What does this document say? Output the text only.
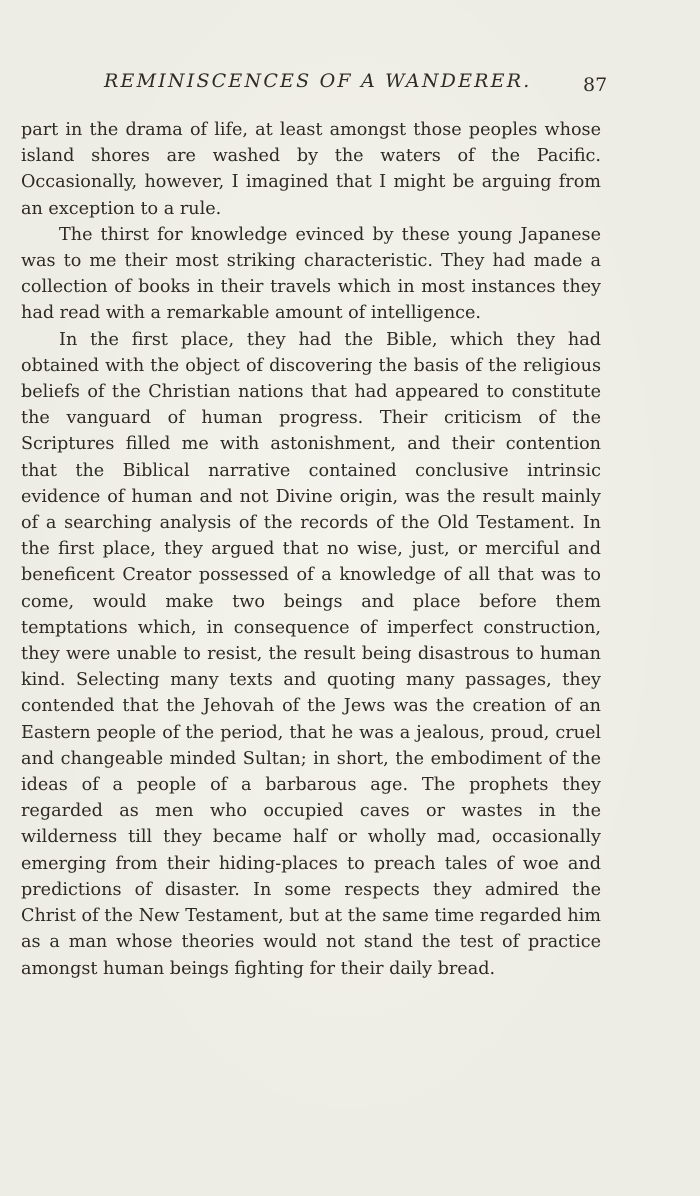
REMINISCENCES OF A WANDERER.	87

part in the drama of life, at least amongst those peoples whose island shores are washed by the waters of the Pacific. Occasionally, however, I imagined that I might be arguing from an exception to a rule.

The thirst for knowledge evinced by these young Japanese was to me their most striking characteristic. They had made a collection of books in their travels which in most instances they had read with a remarkable amount of intelligence.

In the first place, they had the Bible, which they had obtained with the object of discovering the basis of the religious beliefs of the Christian nations that had appeared to constitute the vanguard of human progress. Their criticism of the Scriptures filled me with astonishment, and their contention that the Biblical narrative contained conclusive intrinsic evidence of human and not Divine origin, was the result mainly of a searching analysis of the records of the Old Testament. In the first place, they argued that no wise, just, or merciful and beneficent Creator possessed of a knowledge of all that was to come, would make two beings and place before them temptations which, in consequence of imperfect construction, they were unable to resist, the result being disastrous to human kind. Selecting many texts and quoting many passages, they contended that the Jehovah of the Jews was the creation of an Eastern people of the period, that he was a jealous, proud, cruel and changeable minded Sultan; in short, the embodiment of the ideas of a people of a barbarous age. The prophets they regarded as men who occupied caves or wastes in the wilderness till they became half or wholly mad, occasionally emerging from their hiding-places to preach tales of woe and predictions of disaster. In some respects they admired the Christ of the New Testament, but at the same time regarded him as a man whose theories would not stand the test of practice amongst human beings fighting for their daily bread.
